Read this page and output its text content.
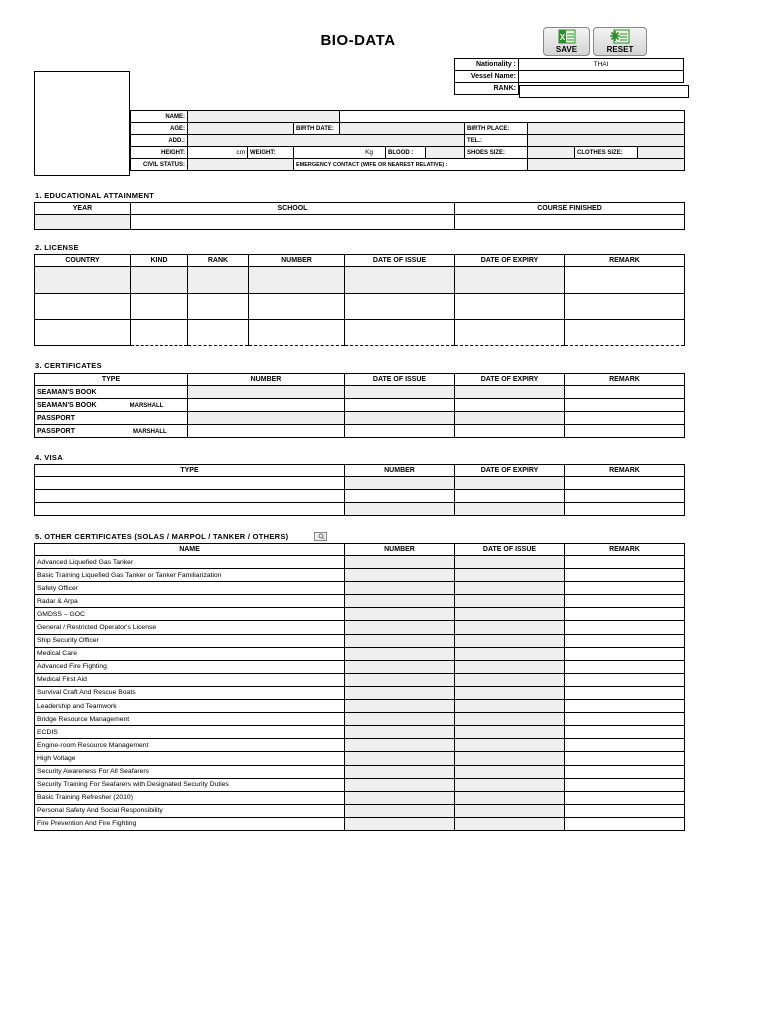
BIO-DATA	X
SAVE	RESET
Nationality :	THAI
Vessel Name:	
RANK:	
NAME:										
AGE:			BIRTH DATE:				BIRTH PLACE:			
ADD.:							TEL.:			
HEIGHT:	cm	WEIGHT:	Kg		BLOOD :		SHOES SIZE:		CLOTHES SIZE:	
CIVIL STATUS:			EMERGENCY CONTACT (WIFE OR NEAREST RELATIVE) :							
1. EDUCATIONAL ATTAINMENT
YEAR	SCHOOL	COURSE FINISHED

2. LICENSE
COUNTRY	KIND	RANK	NUMBER	DATE OF ISSUE	DATE OF EXPIRY	REMARK

3. CERTIFICATES
TYPE	NUMBER	DATE OF ISSUE	DATE OF EXPIRY	REMARK
SEAMAN'S BOOK				
SEAMAN'S BOOK MARSHALL				
PASSPORT				
PASSPORT MARSHALL				
4. VISA
TYPE	NUMBER	DATE OF EXPIRY	REMARK

5. OTHER CERTIFICATES (SOLAS / MARPOL / TANKER / OTHERS)
NAME	NUMBER	DATE OF ISSUE	REMARK
Advanced Liquefied Gas Tanker			
Basic Training Liquefied Gas Tanker or Tanker Familiarization			
Safety Officer			
Radar & Arpa			
GMDSS – GOC			
General / Restricted Operator's License			
Ship Security Officer			
Medical Care			
Advanced Fire Fighting			
Medical First Aid			
Survival Craft And Rescue Boats			
Leadership and Teamwork			
Bridge Resource Management			
ECDIS			
Engine-room Resource Management			
High Voltage			
Security Awareness For All Seafarers			
Security Training For Seafarers with Designated Security Duties			
Basic Training Refresher (2010)			
Personal Safety And Social Responsibility			
Fire Prevention And Fire Fighting			
